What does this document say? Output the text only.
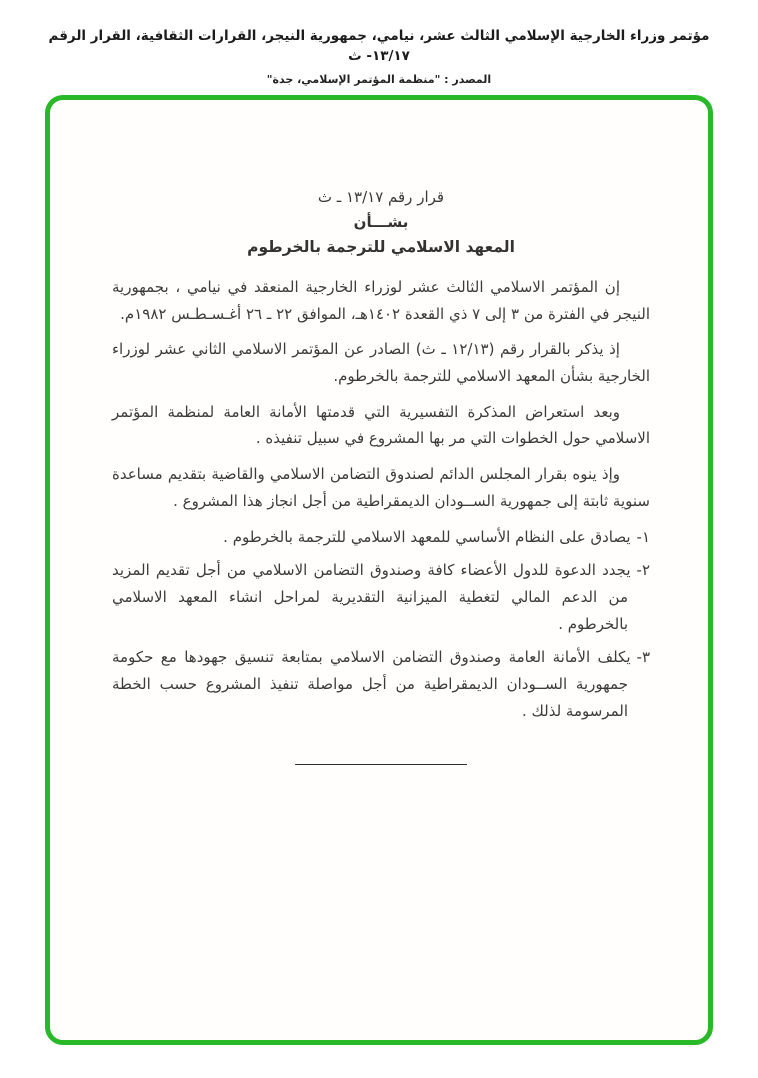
مؤتمر وزراء الخارجية الإسلامي الثالث عشر، نيامي، جمهورية النيجر، القرارات الثقافية، القرار الرقم ١٣/١٧- ث
المصدر : "منظمة المؤتمر الإسلامي، جدة"
قرار رقم ١٣/١٧ ـ ث
بشـــأن
المعهد الاسلامي للترجمة بالخرطوم

إن المؤتمر الاسلامي الثالث عشر لوزراء الخارجية المنعقد في نيامي ، بجمهورية النيجر في الفترة من ٣ إلى ٧ ذي القعدة ١٤٠٢هـ، الموافق ٢٢ ـ ٢٦ أغـسـطـس ١٩٨٢م.

إذ يذكر بالقرار رقم (١٢/١٣ ـ ث) الصادر عن المؤتمر الاسلامي الثاني عشر لوزراء الخارجية بشأن المعهد الاسلامي للترجمة بالخرطوم.

وبعد استعراض المذكرة التفسيرية التي قدمتها الأمانة العامة لمنظمة المؤتمر الاسلامي حول الخطوات التي مر بها المشروع في سبيل تنفيذه .

وإذ ينوه بقرار المجلس الدائم لصندوق التضامن الاسلامي والقاضية بتقديم مساعدة سنوية ثابتة إلى جمهورية الســودان الديمقراطية من أجل انجاز هذا المشروع .

١-يصادق على النظام الأساسي للمعهد الاسلامي للترجمة بالخرطوم .

٢-يجدد الدعوة للدول الأعضاء كافة وصندوق التضامن الاسلامي من أجل تقديم المزيد من الدعم المالي لتغطية الميزانية التقديرية لمراحل انشاء المعهد الاسلامي بالخرطوم .

٣-يكلف الأمانة العامة وصندوق التضامن الاسلامي بمتابعة تنسيق جهودها مع حكومة جمهورية الســودان الديمقراطية من أجل مواصلة تنفيذ المشروع حسب الخطة المرسومة لذلك .
